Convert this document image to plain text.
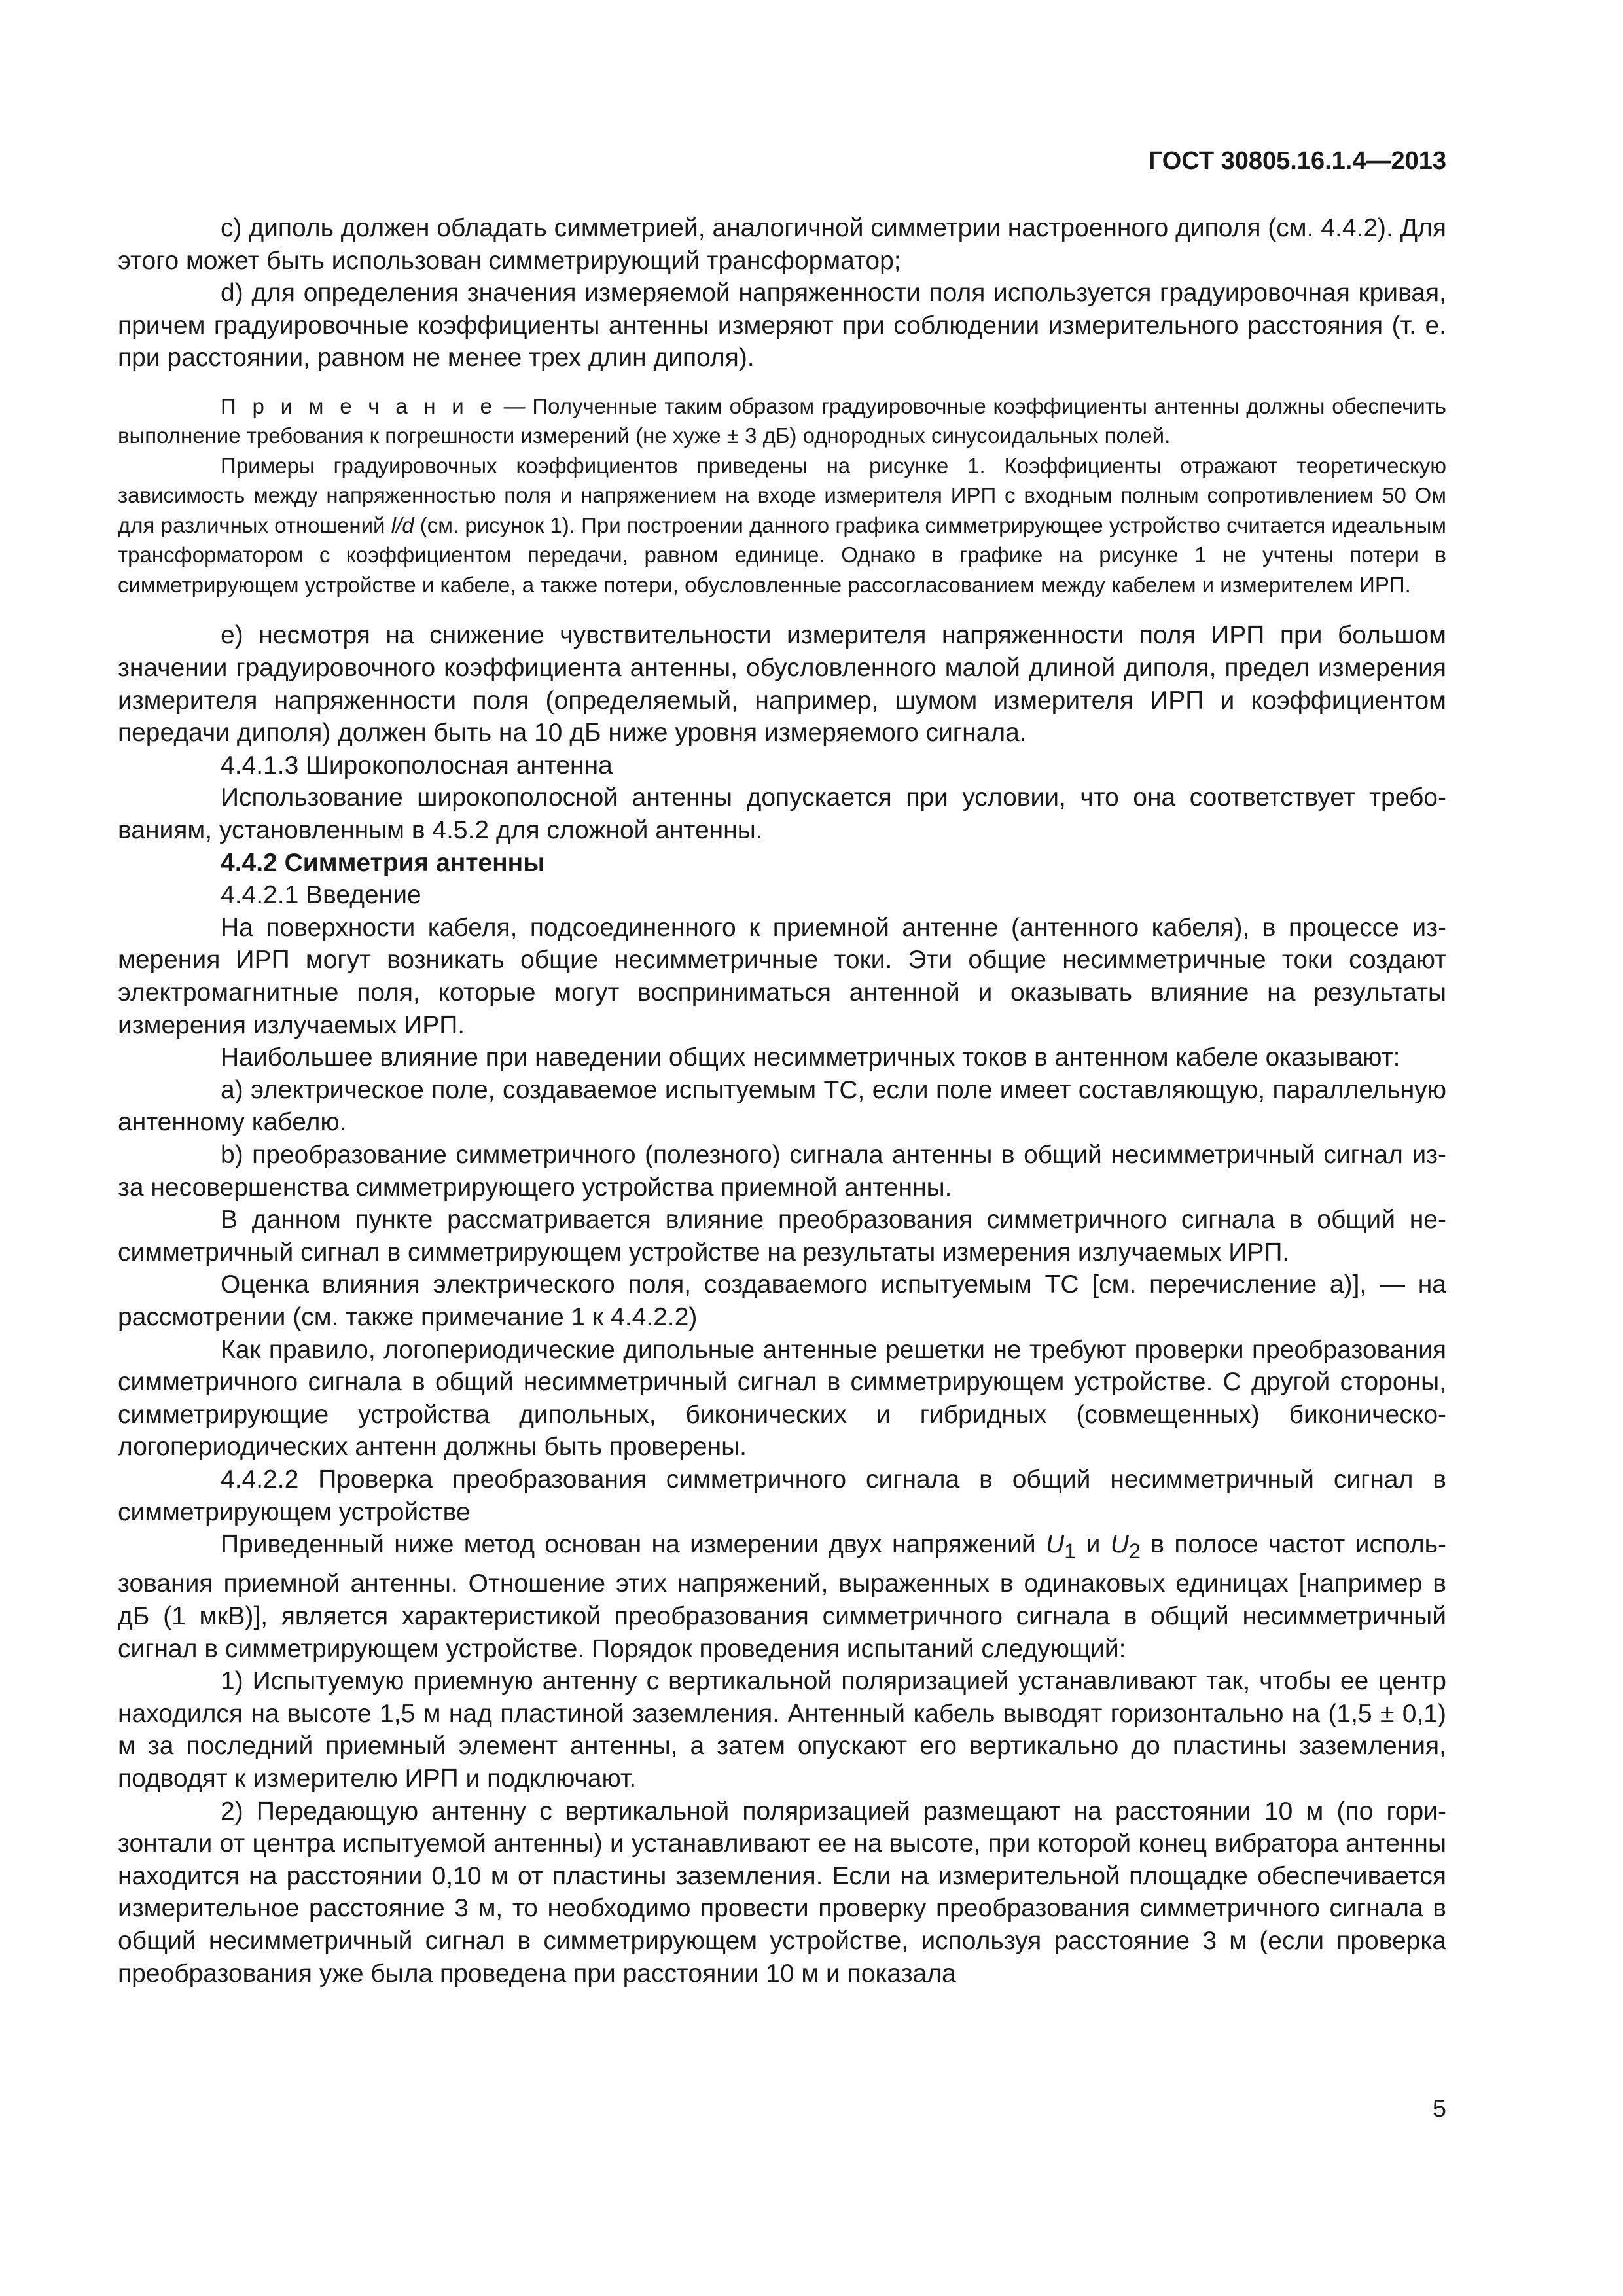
ГОСТ 30805.16.1.4—2013

c) диполь должен обладать симметрией, аналогичной симметрии настроенного диполя (см. 4.4.2). Для этого может быть использован симметрирующий трансформатор;

d) для определения значения измеряемой напряженности поля используется градуировочная кривая, причем градуировочные коэффициенты антенны измеряют при соблюдении измерительного расстояния (т. е. при расстоянии, равном не менее трех длин диполя).

П р и м е ч а н и е — Полученные таким образом градуировочные коэффициенты антенны должны обеспечить выполнение требования к погрешности измерений (не хуже ± 3 дБ) однородных синусоидальных полей.

Примеры градуировочных коэффициентов приведены на рисунке 1. Коэффициенты отражают теоретическую зависимость между напряженностью поля и напряжением на входе измерителя ИРП с входным полным сопротивлением 50 Ом для различных отношений l/d (см. рисунок 1). При построении данного графика симметрирующее устройство считается идеальным трансформатором с коэффициентом передачи, равном единице. Однако в графике на рисунке 1 не учтены потери в симметрирующем устройстве и кабеле, а также потери, обусловленные рассогласованием между кабелем и измерителем ИРП.

e) несмотря на снижение чувствительности измерителя напряженности поля ИРП при большом значении градуировочного коэффициента антенны, обусловленного малой длиной диполя, предел измерения измерителя напряженности поля (определяемый, например, шумом измерителя ИРП и коэффициентом передачи диполя) должен быть на 10 дБ ниже уровня измеряемого сигнала.

4.4.1.3 Широкополосная антенна

Использование широкополосной антенны допускается при условии, что она соответствует требованиям, установленным в 4.5.2 для сложной антенны.

4.4.2 Симметрия антенны

4.4.2.1 Введение

На поверхности кабеля, подсоединенного к приемной антенне (антенного кабеля), в процессе измерения ИРП могут возникать общие несимметричные токи. Эти общие несимметричные токи создают электромагнитные поля, которые могут восприниматься антенной и оказывать влияние на результаты измерения излучаемых ИРП.

Наибольшее влияние при наведении общих несимметричных токов в антенном кабеле оказывают:

a) электрическое поле, создаваемое испытуемым ТС, если поле имеет составляющую, параллельную антенному кабелю.

b) преобразование симметричного (полезного) сигнала антенны в общий несимметричный сигнал из-за несовершенства симметрирующего устройства приемной антенны.

В данном пункте рассматривается влияние преобразования симметричного сигнала в общий несимметричный сигнал в симметрирующем устройстве на результаты измерения излучаемых ИРП.

Оценка влияния электрического поля, создаваемого испытуемым ТС [см. перечисление a)], — на рассмотрении (см. также примечание 1 к 4.4.2.2)

Как правило, логопериодические дипольные антенные решетки не требуют проверки преобразования симметричного сигнала в общий несимметричный сигнал в симметрирующем устройстве. С другой стороны, симметрирующие устройства дипольных, биконических и гибридных (совмещенных) биконическо-логопериодических антенн должны быть проверены.

4.4.2.2 Проверка преобразования симметричного сигнала в общий несимметричный сигнал в симметрирующем устройстве

Приведенный ниже метод основан на измерении двух напряжений $U_1$ и $U_2$ в полосе частот использования приемной антенны. Отношение этих напряжений, выраженных в одинаковых единицах [например в дБ (1 мкВ)], является характеристикой преобразования симметричного сигнала в общий несимметричный сигнал в симметрирующем устройстве. Порядок проведения испытаний следующий:

1) Испытуемую приемную антенну с вертикальной поляризацией устанавливают так, чтобы ее центр находился на высоте 1,5 м над пластиной заземления. Антенный кабель выводят горизонтально на (1,5 ± 0,1) м за последний приемный элемент антенны, а затем опускают его вертикально до пластины заземления, подводят к измерителю ИРП и подключают.

2) Передающую антенну с вертикальной поляризацией размещают на расстоянии 10 м (по горизонтали от центра испытуемой антенны) и устанавливают ее на высоте, при которой конец вибратора антенны находится на расстоянии 0,10 м от пластины заземления. Если на измерительной площадке обеспечивается измерительное расстояние 3 м, то необходимо провести проверку преобразования симметричного сигнала в общий несимметричный сигнал в симметрирующем устройстве, используя расстояние 3 м (если проверка преобразования уже была проведена при расстоянии 10 м и показала

5
